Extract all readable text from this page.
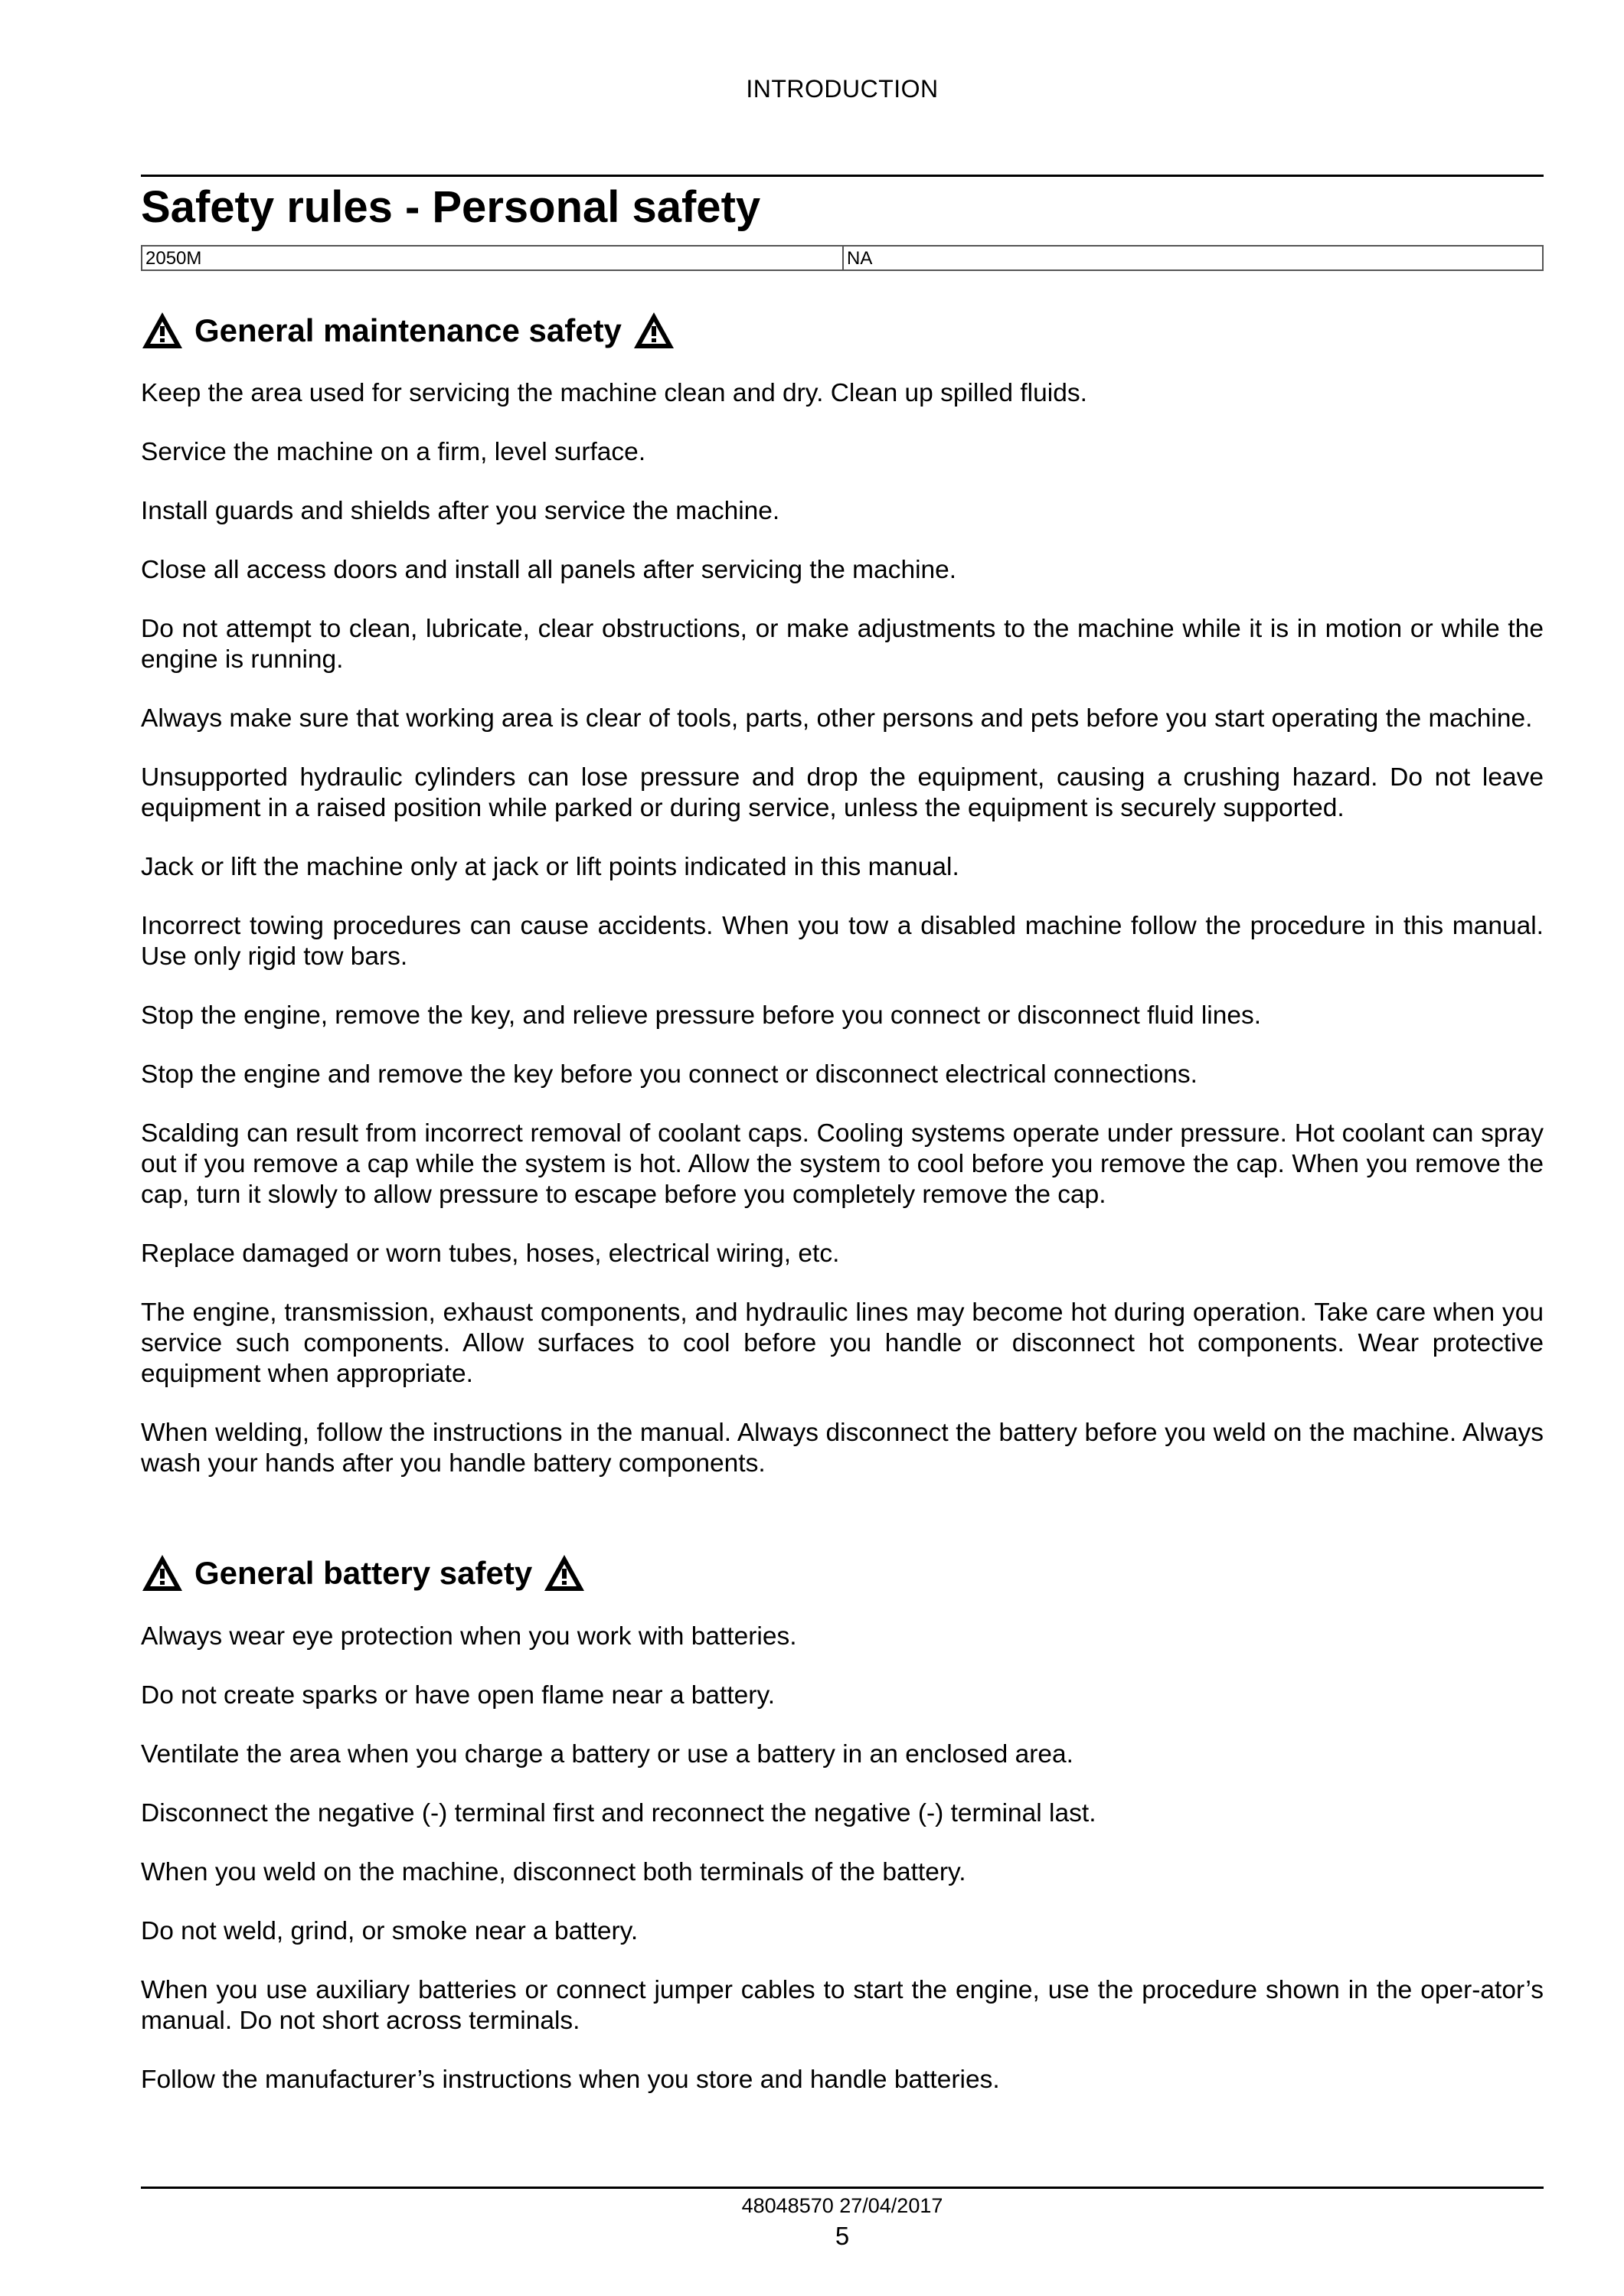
INTRODUCTION
Safety rules - Personal safety
2050M	NA
General maintenance safety

Keep the area used for servicing the machine clean and dry. Clean up spilled fluids.

Service the machine on a firm, level surface.

Install guards and shields after you service the machine.

Close all access doors and install all panels after servicing the machine.

Do not attempt to clean, lubricate, clear obstructions, or make adjustments to the machine while it is in motion or while the engine is running.

Always make sure that working area is clear of tools, parts, other persons and pets before you start operating the machine.

Unsupported hydraulic cylinders can lose pressure and drop the equipment, causing a crushing hazard. Do not leave equipment in a raised position while parked or during service, unless the equipment is securely supported.

Jack or lift the machine only at jack or lift points indicated in this manual.

Incorrect towing procedures can cause accidents. When you tow a disabled machine follow the procedure in this manual. Use only rigid tow bars.

Stop the engine, remove the key, and relieve pressure before you connect or disconnect fluid lines.

Stop the engine and remove the key before you connect or disconnect electrical connections.

Scalding can result from incorrect removal of coolant caps. Cooling systems operate under pressure. Hot coolant can spray out if you remove a cap while the system is hot. Allow the system to cool before you remove the cap. When you remove the cap, turn it slowly to allow pressure to escape before you completely remove the cap.

Replace damaged or worn tubes, hoses, electrical wiring, etc.

The engine, transmission, exhaust components, and hydraulic lines may become hot during operation. Take care when you service such components. Allow surfaces to cool before you handle or disconnect hot components. Wear protective equipment when appropriate.

When welding, follow the instructions in the manual. Always disconnect the battery before you weld on the machine. Always wash your hands after you handle battery components.

General battery safety

Always wear eye protection when you work with batteries.

Do not create sparks or have open flame near a battery.

Ventilate the area when you charge a battery or use a battery in an enclosed area.

Disconnect the negative (-) terminal first and reconnect the negative (-) terminal last.

When you weld on the machine, disconnect both terminals of the battery.

Do not weld, grind, or smoke near a battery.

When you use auxiliary batteries or connect jumper cables to start the engine, use the procedure shown in the oper-ator’s manual. Do not short across terminals.

Follow the manufacturer’s instructions when you store and handle batteries.

48048570 27/04/2017
5
